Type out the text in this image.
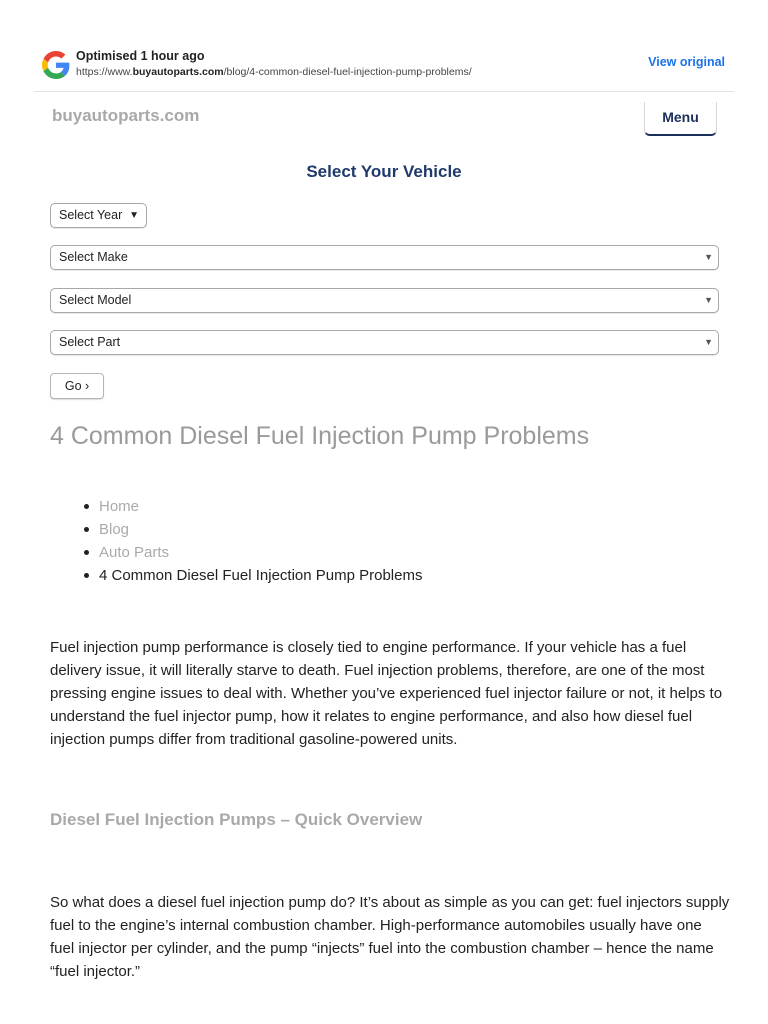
Optimised 1 hour ago
https://www.buyautoparts.com/blog/4-common-diesel-fuel-injection-pump-problems/
View original
buyautoparts.com	Menu
Select Your Vehicle
Select Year ▼
Select Make	▼
Select Model	▼
Select Part	▼
Go ›
4 Common Diesel Fuel Injection Pump Problems
Home
Blog
Auto Parts
4 Common Diesel Fuel Injection Pump Problems

Fuel injection pump performance is closely tied to engine performance. If your vehicle has a fuel delivery issue, it will literally starve to death. Fuel injection problems, therefore, are one of the most pressing engine issues to deal with. Whether you’ve experienced fuel injector failure or not, it helps to understand the fuel injector pump, how it relates to engine performance, and also how diesel fuel injection pumps differ from traditional gasoline-powered units.

Diesel Fuel Injection Pumps – Quick Overview

So what does a diesel fuel injection pump do? It’s about as simple as you can get: fuel injectors supply fuel to the engine’s internal combustion chamber. High-performance automobiles usually have one fuel injector per cylinder, and the pump “injects” fuel into the combustion chamber – hence the name “fuel injector.”
